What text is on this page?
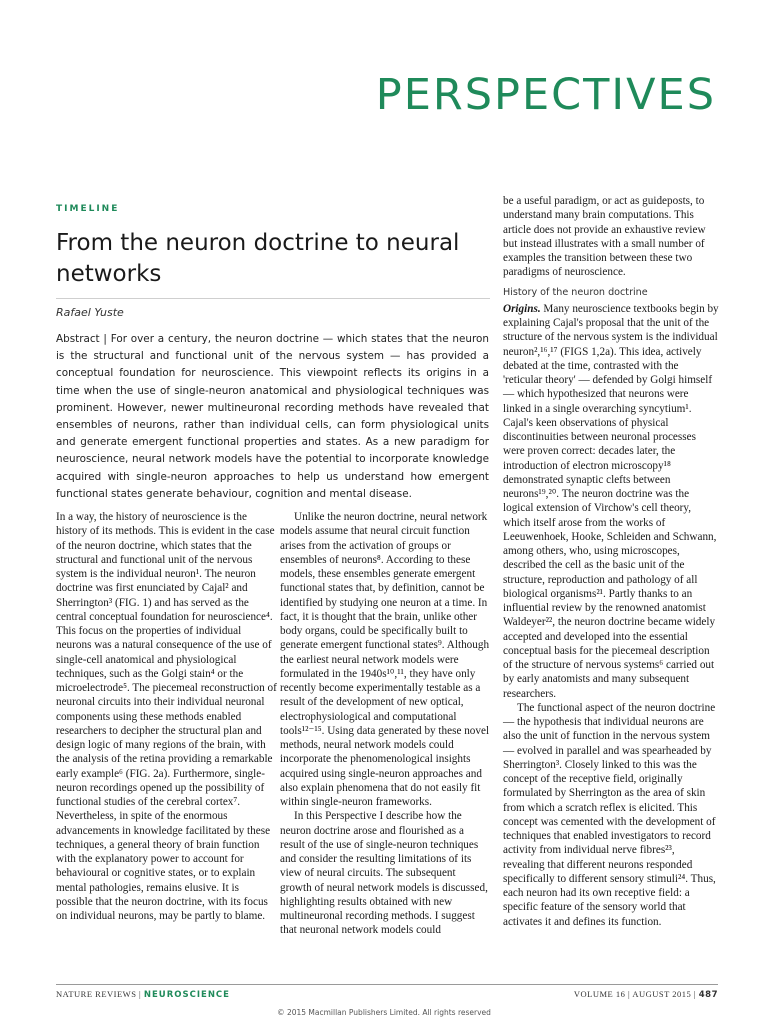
PERSPECTIVES
TIMELINE
From the neuron doctrine to neural networks
Rafael Yuste

Abstract | For over a century, the neuron doctrine — which states that the neuron is the structural and functional unit of the nervous system — has provided a conceptual foundation for neuroscience. This viewpoint reflects its origins in a time when the use of single-neuron anatomical and physiological techniques was prominent. However, newer multineuronal recording methods have revealed that ensembles of neurons, rather than individual cells, can form physiological units and generate emergent functional properties and states. As a new paradigm for neuroscience, neural network models have the potential to incorporate knowledge acquired with single-neuron approaches to help us understand how emergent functional states generate behaviour, cognition and mental disease.

In a way, the history of neuroscience is the history of its methods. This is evident in the case of the neuron doctrine, which states that the structural and functional unit of the nervous system is the individual neuron¹. The neuron doctrine was first enunciated by Cajal² and Sherrington³ (FIG. 1) and has served as the central conceptual foundation for neuroscience⁴. This focus on the properties of individual neurons was a natural consequence of the use of single-cell anatomical and physiological techniques, such as the Golgi stain⁴ or the microelectrode⁵. The piecemeal reconstruction of neuronal circuits into their individual neuronal components using these methods enabled researchers to decipher the structural plan and design logic of many regions of the brain, with the analysis of the retina providing a remarkable early example⁶ (FIG. 2a). Furthermore, single-neuron recordings opened up the possibility of functional studies of the cerebral cortex⁷. Nevertheless, in spite of the enormous advancements in knowledge facilitated by these techniques, a general theory of brain function with the explanatory power to account for behavioural or cognitive states, or to explain mental pathologies, remains elusive. It is possible that the neuron doctrine, with its focus on individual neurons, may be partly to blame.

Unlike the neuron doctrine, neural network models assume that neural circuit function arises from the activation of groups or ensembles of neurons⁸. According to these models, these ensembles generate emergent functional states that, by definition, cannot be identified by studying one neuron at a time. In fact, it is thought that the brain, unlike other body organs, could be specifically built to generate emergent functional states⁹. Although the earliest neural network models were formulated in the 1940s¹⁰,¹¹, they have only recently become experimentally testable as a result of the development of new optical, electrophysiological and computational tools¹²⁻¹⁵. Using data generated by these novel methods, neural network models could incorporate the phenomenological insights acquired using single-neuron approaches and also explain phenomena that do not easily fit within single-neuron frameworks.

In this Perspective I describe how the neuron doctrine arose and flourished as a result of the use of single-neuron techniques and consider the resulting limitations of its view of neural circuits. The subsequent growth of neural network models is discussed, highlighting results obtained with new multineuronal recording methods. I suggest that neuronal network models could

be a useful paradigm, or act as guideposts, to understand many brain computations. This article does not provide an exhaustive review but instead illustrates with a small number of examples the transition between these two paradigms of neuroscience.

History of the neuron doctrine

Origins. Many neuroscience textbooks begin by explaining Cajal's proposal that the unit of the structure of the nervous system is the individual neuron²,¹⁶,¹⁷ (FIGS 1,2a). This idea, actively debated at the time, contrasted with the 'reticular theory' — defended by Golgi himself — which hypothesized that neurons were linked in a single overarching syncytium¹. Cajal's keen observations of physical discontinuities between neuronal processes were proven correct: decades later, the introduction of electron microscopy¹⁸ demonstrated synaptic clefts between neurons¹⁹,²⁰. The neuron doctrine was the logical extension of Virchow's cell theory, which itself arose from the works of Leeuwenhoek, Hooke, Schleiden and Schwann, among others, who, using microscopes, described the cell as the basic unit of the structure, reproduction and pathology of all biological organisms²¹. Partly thanks to an influential review by the renowned anatomist Waldeyer²², the neuron doctrine became widely accepted and developed into the essential conceptual basis for the piecemeal description of the structure of nervous systems⁶ carried out by early anatomists and many subsequent researchers.

The functional aspect of the neuron doctrine — the hypothesis that individual neurons are also the unit of function in the nervous system — evolved in parallel and was spearheaded by Sherrington³. Closely linked to this was the concept of the receptive field, originally formulated by Sherrington as the area of skin from which a scratch reflex is elicited. This concept was cemented with the development of techniques that enabled investigators to record activity from individual nerve fibres²³, revealing that different neurons responded specifically to different sensory stimuli²⁴. Thus, each neuron had its own receptive field: a specific feature of the sensory world that activates it and defines its function.

NATURE REVIEWS | NEUROSCIENCE	VOLUME 16 | AUGUST 2015 | 487
© 2015 Macmillan Publishers Limited. All rights reserved
